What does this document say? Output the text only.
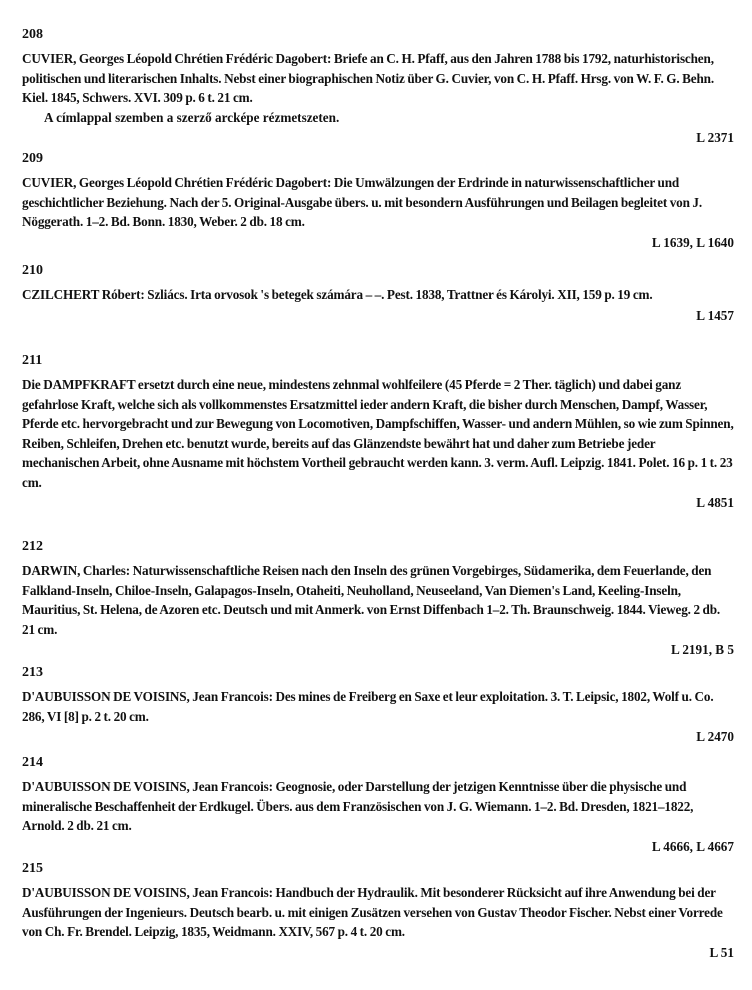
208

CUVIER, Georges Léopold Chrétien Frédéric Dagobert: Briefe an C. H. Pfaff, aus den Jahren 1788 bis 1792, naturhistorischen, politischen und literarischen Inhalts. Nebst einer biographischen Notiz über G. Cuvier, von C. H. Pfaff. Hrsg. von W. F. G. Behn. Kiel. 1845, Schwers. XVI. 309 p. 6 t. 21 cm.

A címlappal szemben a szerző arcképe rézmetszeten.

L 2371
209

CUVIER, Georges Léopold Chrétien Frédéric Dagobert: Die Umwälzungen der Erdrinde in naturwissenschaftlicher und geschichtlicher Beziehung. Nach der 5. Original-Ausgabe übers. u. mit besondern Ausführungen und Beilagen begleitet von J. Nöggerath. 1–2. Bd. Bonn. 1830, Weber. 2 db. 18 cm.

L 1639, L 1640
210

CZILCHERT Róbert: Szliács. Irta orvosok 's betegek számára – –. Pest. 1838, Trattner és Károlyi. XII, 159 p. 19 cm.

L 1457
211

Die DAMPFKRAFT ersetzt durch eine neue, mindestens zehnmal wohlfeilere (45 Pferde = 2 Ther. täglich) und dabei ganz gefahrlose Kraft, welche sich als vollkommenstes Ersatzmittel ieder andern Kraft, die bisher durch Menschen, Dampf, Wasser, Pferde etc. hervorgebracht und zur Bewegung von Locomotiven, Dampfschiffen, Wasser- und andern Mühlen, so wie zum Spinnen, Reiben, Schleifen, Drehen etc. benutzt wurde, bereits auf das Glänzendste bewährt hat und daher zum Betriebe jeder mechanischen Arbeit, ohne Ausname mit höchstem Vortheil gebraucht werden kann. 3. verm. Aufl. Leipzig. 1841. Polet. 16 p. 1 t. 23 cm.

L 4851
212

DARWIN, Charles: Naturwissenschaftliche Reisen nach den Inseln des grünen Vorgebirges, Südamerika, dem Feuerlande, den Falkland-Inseln, Chiloe-Inseln, Galapagos-Inseln, Otaheiti, Neuholland, Neuseeland, Van Diemen's Land, Keeling-Inseln, Mauritius, St. Helena, de Azoren etc. Deutsch und mit Anmerk. von Ernst Diffenbach 1–2. Th. Braunschweig. 1844. Vieweg. 2 db. 21 cm.

L 2191, B 5
213

D'AUBUISSON DE VOISINS, Jean Francois: Des mines de Freiberg en Saxe et leur exploitation. 3. T. Leipsic, 1802, Wolf u. Co. 286, VI [8] p. 2 t. 20 cm.

L 2470
214

D'AUBUISSON DE VOISINS, Jean Francois: Geognosie, oder Darstellung der jetzigen Kenntnisse über die physische und mineralische Beschaffenheit der Erdkugel. Übers. aus dem Französischen von J. G. Wiemann. 1–2. Bd. Dresden, 1821–1822, Arnold. 2 db. 21 cm.

L 4666, L 4667
215

D'AUBUISSON DE VOISINS, Jean Francois: Handbuch der Hydraulik. Mit besonderer Rücksicht auf ihre Anwendung bei der Ausführungen der Ingenieurs. Deutsch bearb. u. mit einigen Zusätzen versehen von Gustav Theodor Fischer. Nebst einer Vorrede von Ch. Fr. Brendel. Leipzig, 1835, Weidmann. XXIV, 567 p. 4 t. 20 cm.

L 51
